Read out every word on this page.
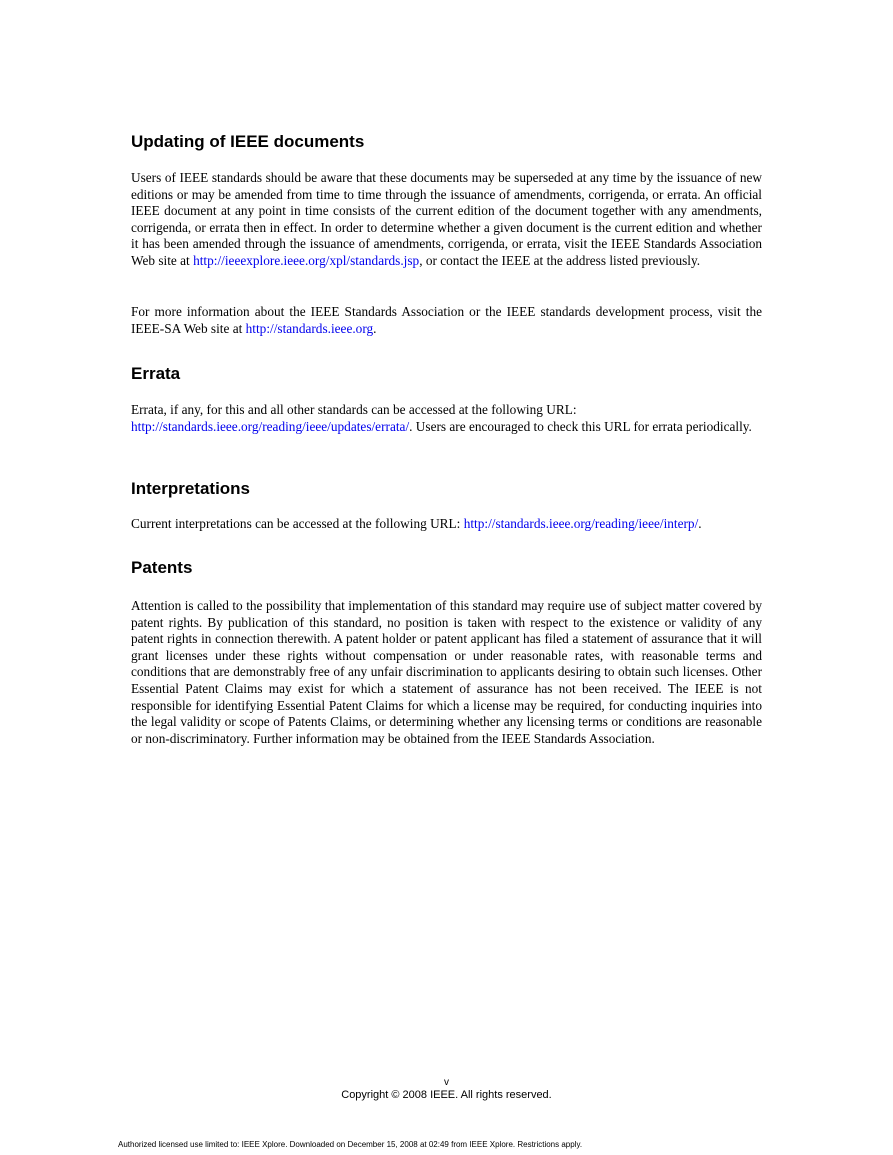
Updating of IEEE documents

Users of IEEE standards should be aware that these documents may be superseded at any time by the issuance of new editions or may be amended from time to time through the issuance of amendments, corrigenda, or errata. An official IEEE document at any point in time consists of the current edition of the document together with any amendments, corrigenda, or errata then in effect. In order to determine whether a given document is the current edition and whether it has been amended through the issuance of amendments, corrigenda, or errata, visit the IEEE Standards Association Web site at http://ieeexplore.ieee.org/xpl/standards.jsp, or contact the IEEE at the address listed previously.

For more information about the IEEE Standards Association or the IEEE standards development process, visit the IEEE-SA Web site at http://standards.ieee.org.

Errata

Errata, if any, for this and all other standards can be accessed at the following URL:
http://standards.ieee.org/reading/ieee/updates/errata/. Users are encouraged to check this URL for errata periodically.

Interpretations

Current interpretations can be accessed at the following URL: http://standards.ieee.org/reading/ieee/interp/.

Patents

Attention is called to the possibility that implementation of this standard may require use of subject matter covered by patent rights. By publication of this standard, no position is taken with respect to the existence or validity of any patent rights in connection therewith. A patent holder or patent applicant has filed a statement of assurance that it will grant licenses under these rights without compensation or under reasonable rates, with reasonable terms and conditions that are demonstrably free of any unfair discrimination to applicants desiring to obtain such licenses. Other Essential Patent Claims may exist for which a statement of assurance has not been received. The IEEE is not responsible for identifying Essential Patent Claims for which a license may be required, for conducting inquiries into the legal validity or scope of Patents Claims, or determining whether any licensing terms or conditions are reasonable or non-discriminatory. Further information may be obtained from the IEEE Standards Association.

v
Copyright © 2008 IEEE. All rights reserved.
Authorized licensed use limited to: IEEE Xplore. Downloaded on December 15, 2008 at 02:49 from IEEE Xplore. Restrictions apply.
